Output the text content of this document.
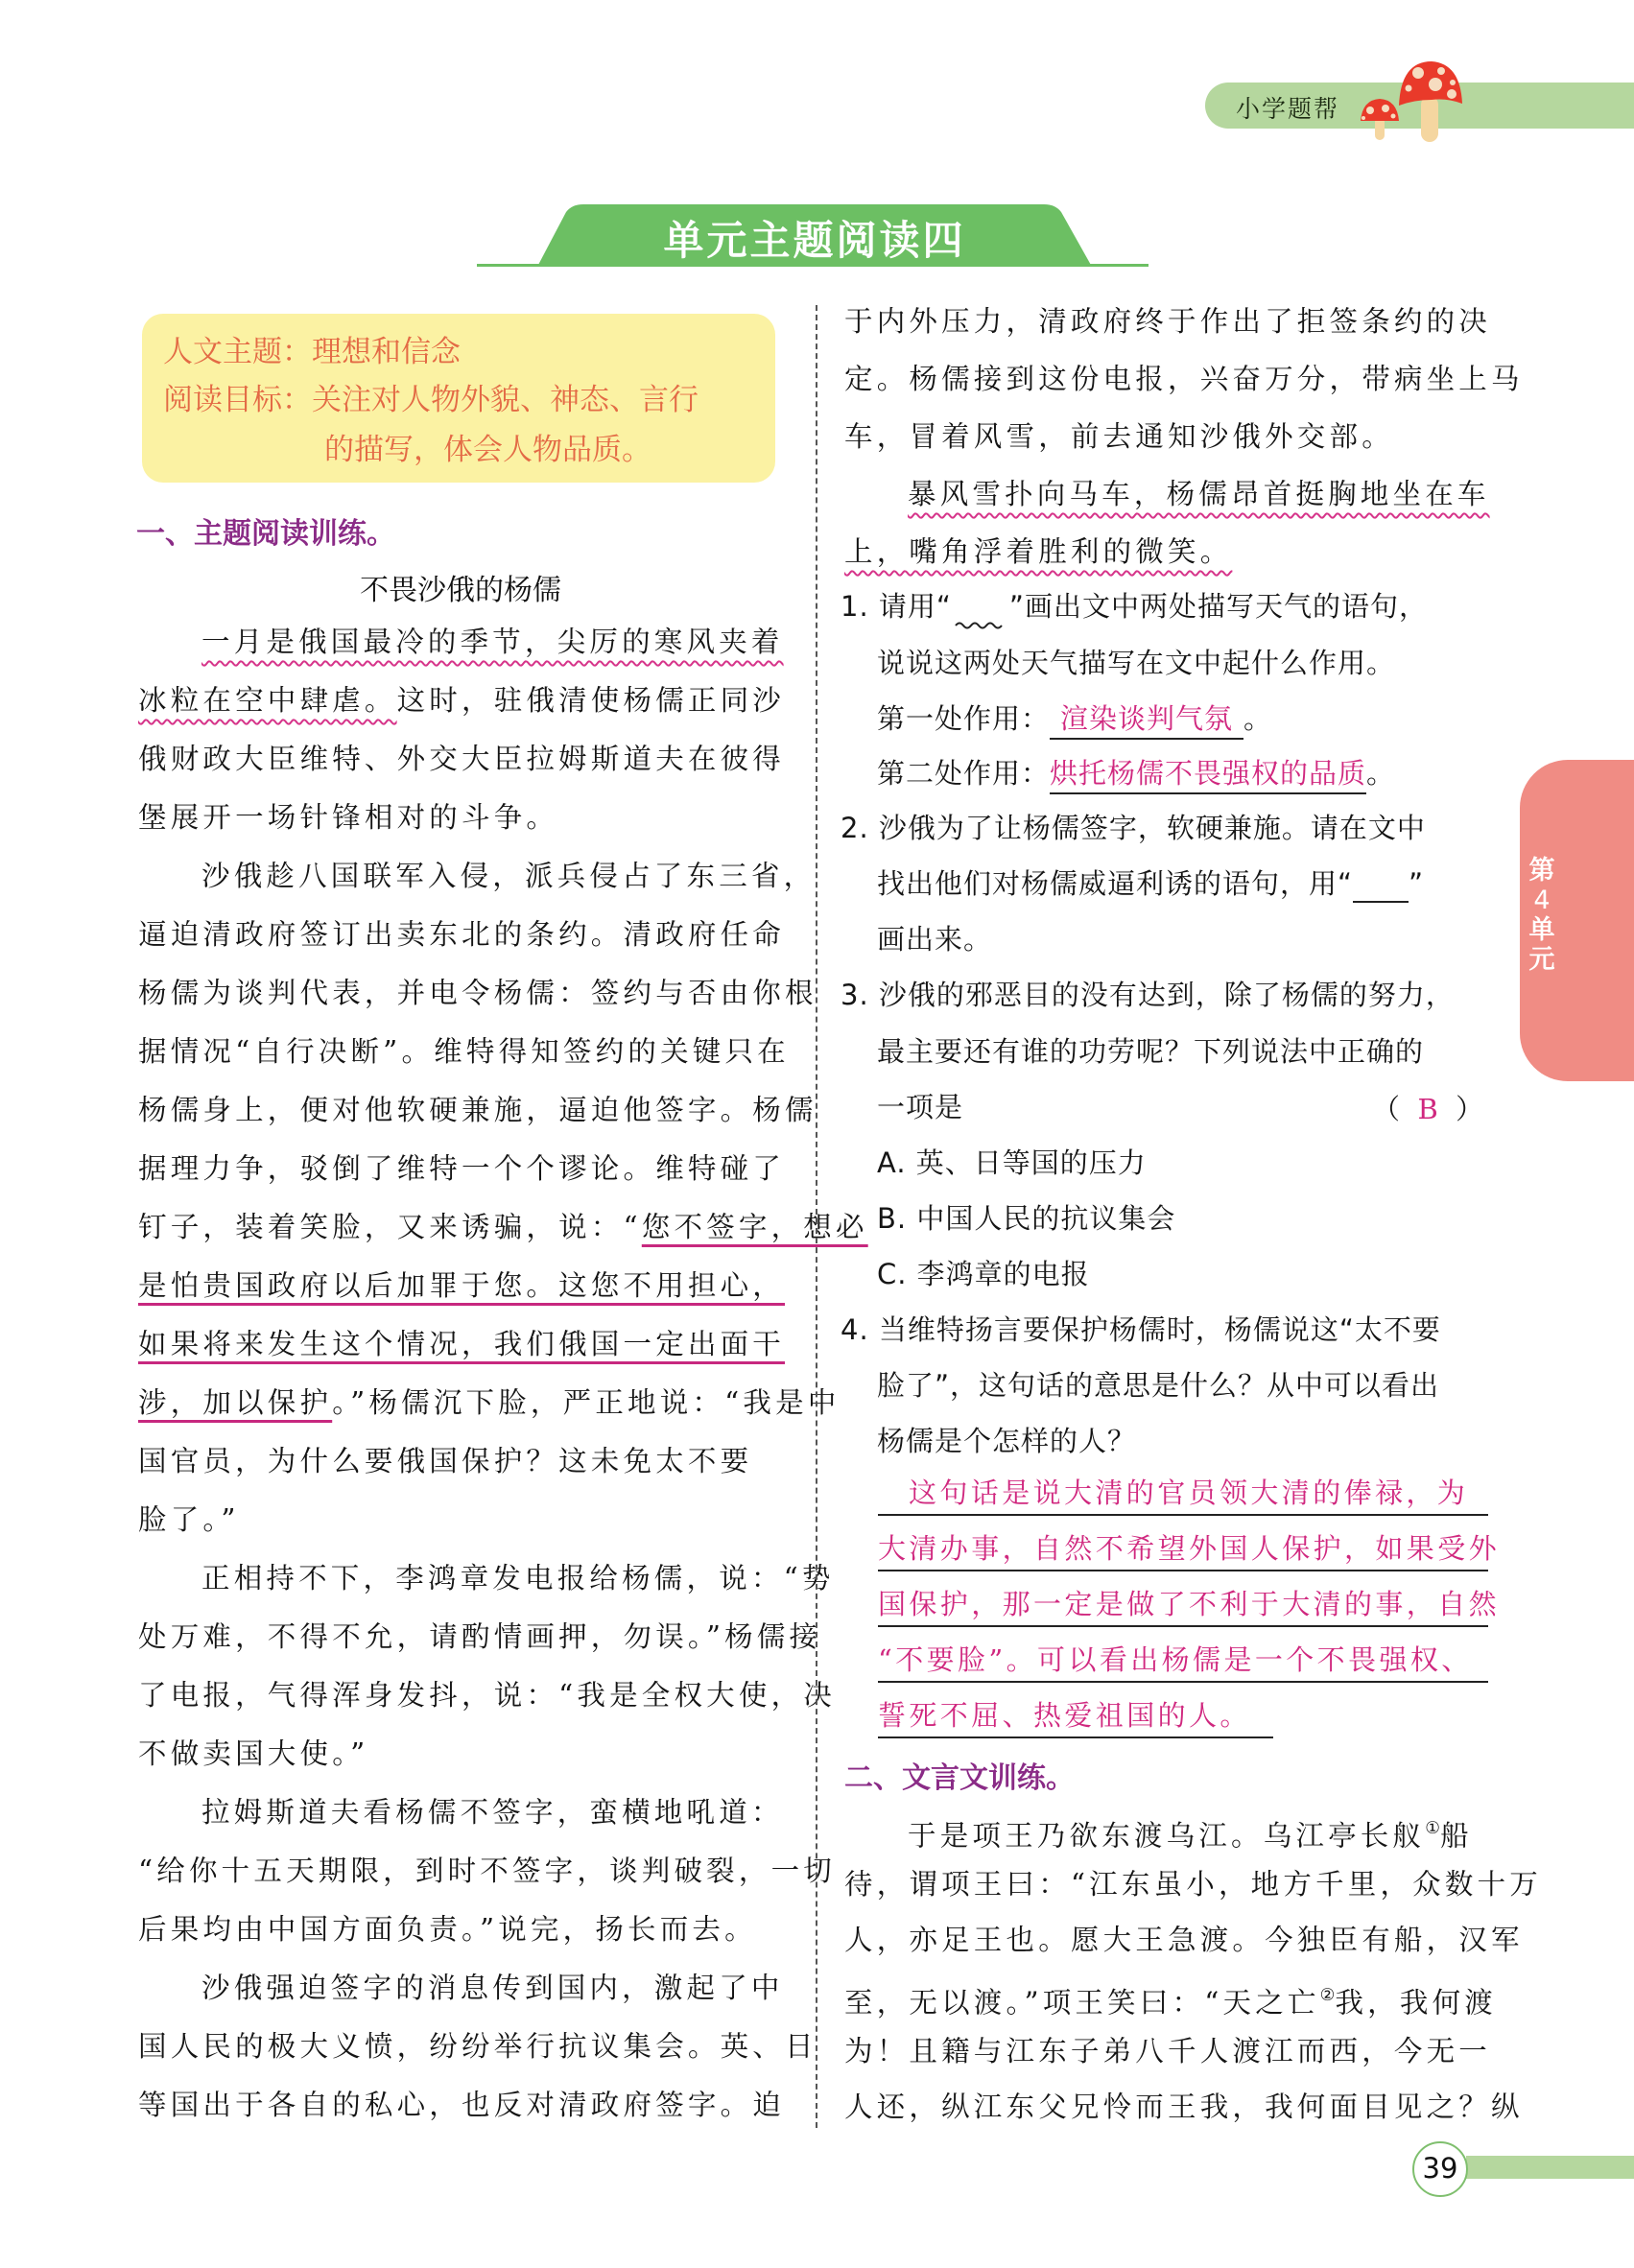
小学题帮
单元主题阅读四
人文主题：理想和信念
阅读目标：关注对人物外貌、神态、言行
的描写，体会人物品质。
一、主题阅读训练。
不畏沙俄的杨儒
一月是俄国最冷的季节，尖厉的寒风夹着
冰粒在空中肆虐。这时，驻俄清使杨儒正同沙
俄财政大臣维特、外交大臣拉姆斯道夫在彼得
堡展开一场针锋相对的斗争。
沙俄趁八国联军入侵，派兵侵占了东三省，
逼迫清政府签订出卖东北的条约。清政府任命
杨儒为谈判代表，并电令杨儒：签约与否由你根
据情况“自行决断”。维特得知签约的关键只在
杨儒身上，便对他软硬兼施，逼迫他签字。杨儒
据理力争，驳倒了维特一个个谬论。维特碰了
钉子，装着笑脸，又来诱骗，说：“您不签字，想必
是怕贵国政府以后加罪于您。这您不用担心，
如果将来发生这个情况，我们俄国一定出面干
涉，加以保护。”杨儒沉下脸，严正地说：“我是中
国官员，为什么要俄国保护？这未免太不要
脸了。”
正相持不下，李鸿章发电报给杨儒，说：“势
处万难，不得不允，请酌情画押，勿误。”杨儒接
了电报，气得浑身发抖，说：“我是全权大使，决
不做卖国大使。”
拉姆斯道夫看杨儒不签字，蛮横地吼道：
“给你十五天期限，到时不签字，谈判破裂，一切
后果均由中国方面负责。”说完，扬长而去。
沙俄强迫签字的消息传到国内，激起了中
国人民的极大义愤，纷纷举行抗议集会。英、日
等国出于各自的私心，也反对清政府签字。迫
于内外压力，清政府终于作出了拒签条约的决
定。杨儒接到这份电报，兴奋万分，带病坐上马
车，冒着风雪，前去通知沙俄外交部。
暴风雪扑向马车，杨儒昂首挺胸地坐在车
上，嘴角浮着胜利的微笑。
1. 请用“ ”画出文中两处描写天气的语句，
说说这两处天气描写在文中起什么作用。
第一处作用： 渲染谈判气氛 。
第二处作用：烘托杨儒不畏强权的品质。
2. 沙俄为了让杨儒签字，软硬兼施。请在文中
找出他们对杨儒威逼利诱的语句，用“ ”
画出来。
3. 沙俄的邪恶目的没有达到，除了杨儒的努力，
最主要还有谁的功劳呢？下列说法中正确的
一项是	（  B  ）
A. 英、日等国的压力
B. 中国人民的抗议集会
C. 李鸿章的电报
4. 当维特扬言要保护杨儒时，杨儒说这“太不要
脸了”，这句话的意思是什么？从中可以看出
杨儒是个怎样的人？
这句话是说大清的官员领大清的俸禄，为
大清办事，自然不希望外国人保护，如果受外
国保护，那一定是做了不利于大清的事，自然
“不要脸”。可以看出杨儒是一个不畏强权、
誓死不屈、热爱祖国的人。
二、文言文训练。
于是项王乃欲东渡乌江。乌江亭长舣①船
待，谓项王曰：“江东虽小，地方千里，众数十万
人，亦足王也。愿大王急渡。今独臣有船，汉军
至，无以渡。”项王笑曰：“天之亡②我，我何渡
为！且籍与江东子弟八千人渡江而西，今无一
人还，纵江东父兄怜而王我，我何面目见之？纵
第
4
单
元
39
